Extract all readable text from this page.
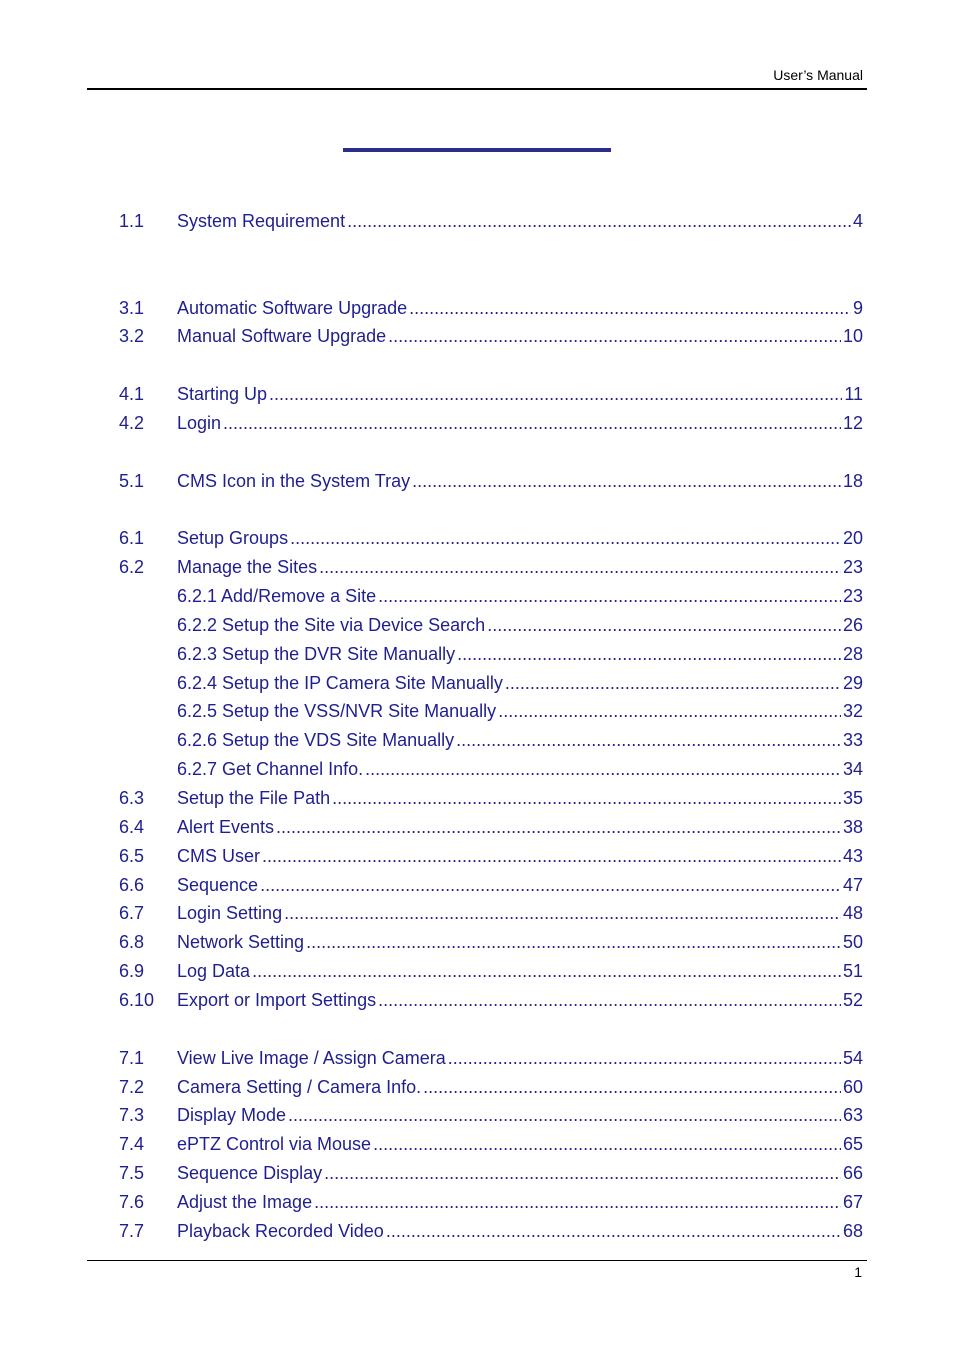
User’s Manual
1.1 System Requirement .....	4
3.1 Automatic Software Upgrade .....	9
3.2 Manual Software Upgrade .....	10
4.1 Starting Up .....	11
4.2 Login .....	12
5.1 CMS Icon in the System Tray .....	18
6.1 Setup Groups .....	20
6.2 Manage the Sites .....	23
6.2.1 Add/Remove a Site .....	23
6.2.2 Setup the Site via Device Search .....	26
6.2.3 Setup the DVR Site Manually .....	28
6.2.4 Setup the IP Camera Site Manually .....	29
6.2.5 Setup the VSS/NVR Site Manually .....	32
6.2.6 Setup the VDS Site Manually .....	33
6.2.7 Get Channel Info. .....	34
6.3 Setup the File Path .....	35
6.4 Alert Events .....	38
6.5 CMS User .....	43
6.6 Sequence .....	47
6.7 Login Setting .....	48
6.8 Network Setting .....	50
6.9 Log Data .....	51
6.10 Export or Import Settings .....	52
7.1 View Live Image / Assign Camera .....	54
7.2 Camera Setting / Camera Info. .....	60
7.3 Display Mode .....	63
7.4 ePTZ Control via Mouse .....	65
7.5 Sequence Display .....	66
7.6 Adjust the Image .....	67
7.7 Playback Recorded Video .....	68
1
